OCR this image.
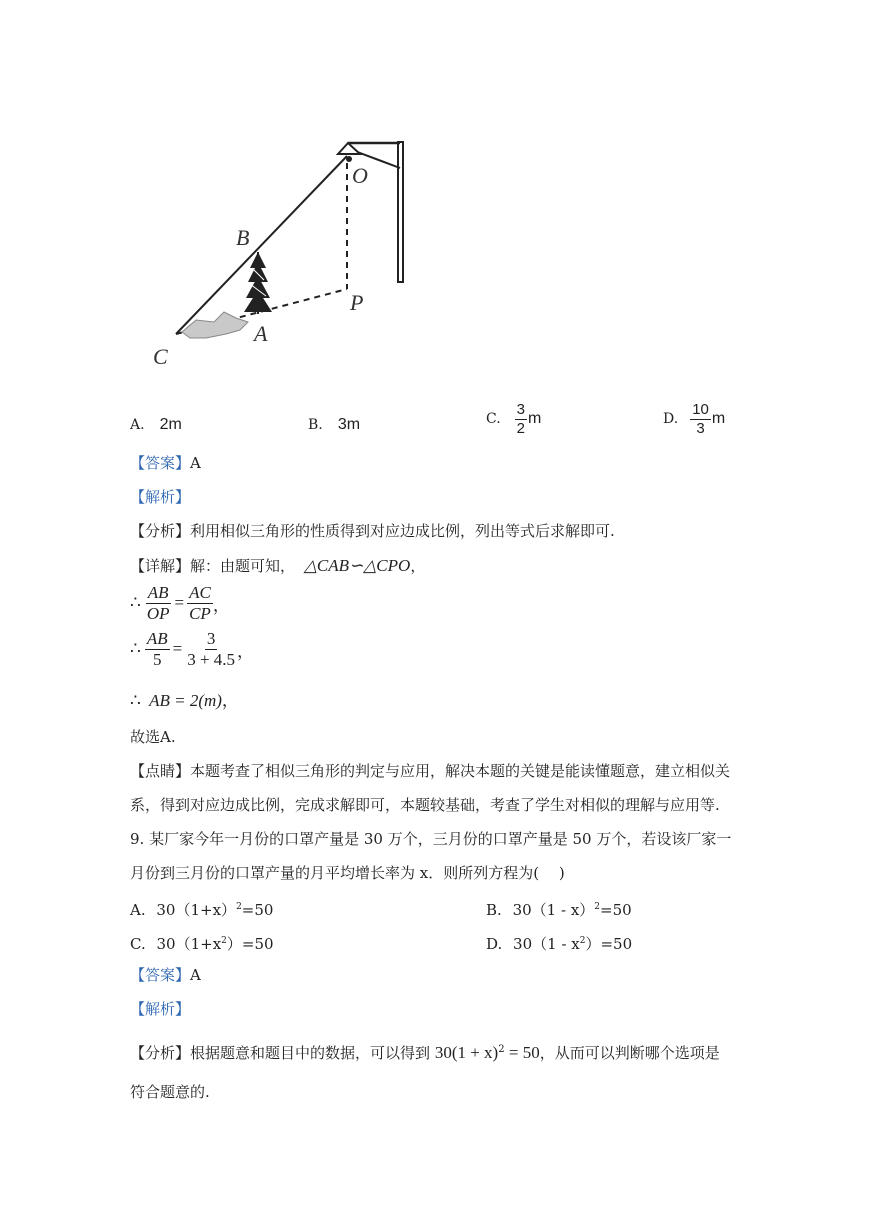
O
B
P
A
C
A. 2m	B. 3m	C. $\frac{3}{2}$ m	D. $\frac{10}{3}$ m
【答案】A
【解析】
【分析】利用相似三角形的性质得到对应边成比例，列出等式后求解即可.
【详解】解：由题可知， △CAB∽△CPO，
∴ $\frac{AB}{OP} = \frac{AC}{CP}$ ，
∴ $\frac{AB}{5} = \frac{3}{3 + 4.5}$ ，
∴ AB = 2(m)，
故选A.
【点睛】本题考查了相似三角形的判定与应用，解决本题的关键是能读懂题意，建立相似关
系，得到对应边成比例，完成求解即可，本题较基础，考查了学生对相似的理解与应用等.
9. 某厂家今年一月份的口罩产量是 30 万个，三月份的口罩产量是 50 万个，若设该厂家一
月份到三月份的口罩产量的月平均增长率为 x．则所列方程为(　 )
A. $30(1+x)^2=50$	B. 30（1 - x）$^2$=50
C. $30(1+x^2)=50$	D. $30(1 - x^2)=50$
【答案】A
【解析】
【分析】根据题意和题目中的数据，可以得到 $30(1 + x)^2 = 50$，从而可以判断哪个选项是
符合题意的.
